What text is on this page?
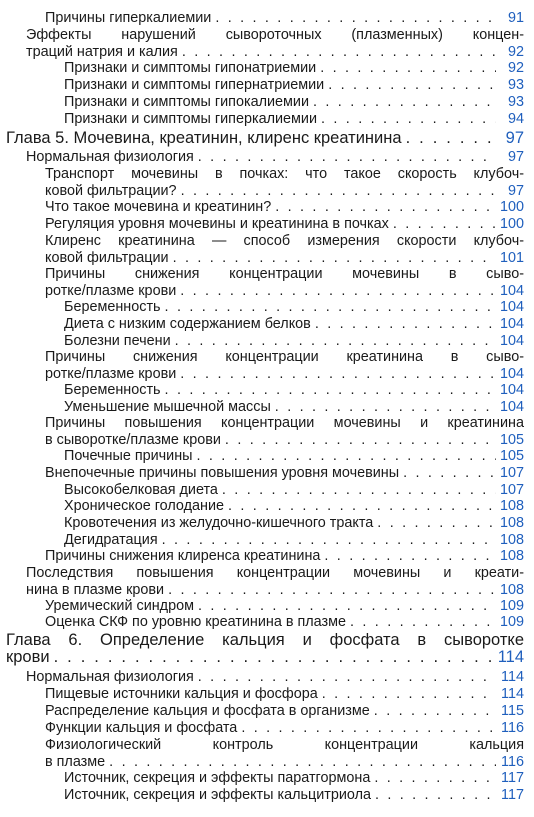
Причины гиперкалиемии . . .	91
Эффекты нарушений сывороточных (плазменных) концен-
траций натрия и калия . . .	92
Признаки и симптомы гипонатриемии . . .	92
Признаки и симптомы гипернатриемии . . .	93
Признаки и симптомы гипокалиемии . . .	93
Признаки и симптомы гиперкалиемии . . .	94
Глава 5. Мочевина, креатинин, клиренс креатинина . . .	97
Нормальная физиология . . .	97
Транспорт мочевины в почках: что такое скорость клубоч-
ковой фильтрации? . . .	97
Что такое мочевина и креатинин? . . .	100
Регуляция уровня мочевины и креатинина в почках . . .	100
Клиренс креатинина — способ измерения скорости клубоч-
ковой фильтрации . . .	101
Причины снижения концентрации мочевины в сыво-
ротке/плазме крови . . .	104
Беременность . . .	104
Диета с низким содержанием белков . . .	104
Болезни печени . . .	104
Причины снижения концентрации креатинина в сыво-
ротке/плазме крови . . .	104
Беременность . . .	104
Уменьшение мышечной массы . . .	104
Причины повышения концентрации мочевины и креатинина
в сыворотке/плазме крови . . .	105
Почечные причины . . .	105
Внепочечные причины повышения уровня мочевины . . .	107
Высокобелковая диета . . .	107
Хроническое голодание . . .	108
Кровотечения из желудочно-кишечного тракта . . .	108
Дегидратация . . .	108
Причины снижения клиренса креатинина . . .	108
Последствия повышения концентрации мочевины и креати-
нина в плазме крови . . .	108
Уремический синдром . . .	109
Оценка СКФ по уровню креатинина в плазме . . .	109
Глава 6. Определение кальция и фосфата в сыворотке
крови . . .	114
Нормальная физиология . . .	114
Пищевые источники кальция и фосфора . . .	114
Распределение кальция и фосфата в организме . . .	115
Функции кальция и фосфата . . .	116
Физиологический контроль концентрации кальция
в плазме . . .	116
Источник, секреция и эффекты паратгормона . . .	117
Источник, секреция и эффекты кальцитриола . . .	117
